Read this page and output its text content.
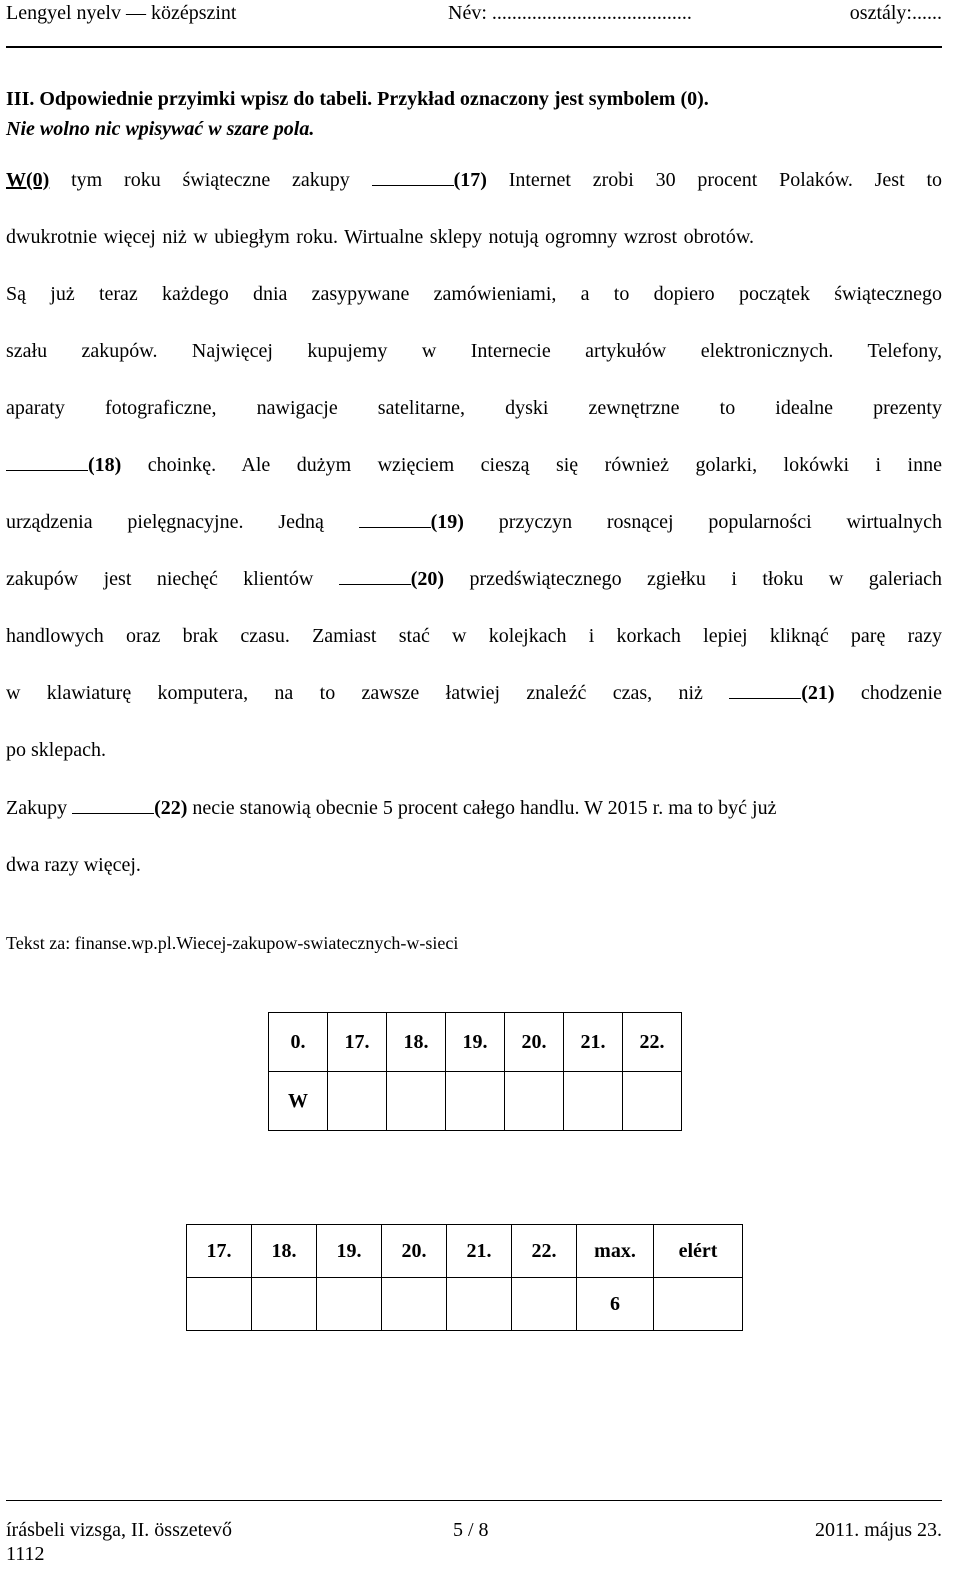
Lengyel nyelv — középszint	Név: ........................................	osztály:......
III. Odpowiednie przyimki wpisz do tabeli. Przykład oznaczony jest symbolem (0).
Nie wolno nic wpisywać w szare pola.
W(0) tym roku świąteczne zakupy	(17) Internet zrobi 30 procent Polaków. Jest to
dwukrotnie więcej niż w ubiegłym roku. Wirtualne sklepy notują ogromny wzrost obrotów.
Są już teraz każdego dnia zasypywane zamówieniami, a to dopiero początek świątecznego
szału zakupów. Najwięcej kupujemy w Internecie artykułów elektronicznych. Telefony,
aparaty fotograficzne, nawigacje satelitarne, dyski zewnętrzne to idealne prezenty
(18) choinkę. Ale dużym wzięciem cieszą się również golarki, lokówki i inne
urządzenia pielęgnacyjne. Jedną	(19) przyczyn rosnącej popularności wirtualnych
zakupów jest niechęć klientów	(20) przedświątecznego zgiełku i tłoku w galeriach
handlowych oraz brak czasu. Zamiast stać w kolejkach i korkach lepiej kliknąć parę razy
w klawiaturę komputera, na to zawsze łatwiej znaleźć czas, niż	(21) chodzenie
po sklepach.
Zakupy	(22) necie stanowią obecnie 5 procent całego handlu. W 2015 r. ma to być już
dwa razy więcej.
Tekst za: finanse.wp.pl.Wiecej-zakupow-swiatecznych-w-sieci
0.	17.	18.	19.	20.	21.	22.
W						
17.	18.	19.	20.	21.	22.	max.	elért
						6	
írásbeli vizsga, II. összetevő
1112
5 / 8	2011. május 23.
